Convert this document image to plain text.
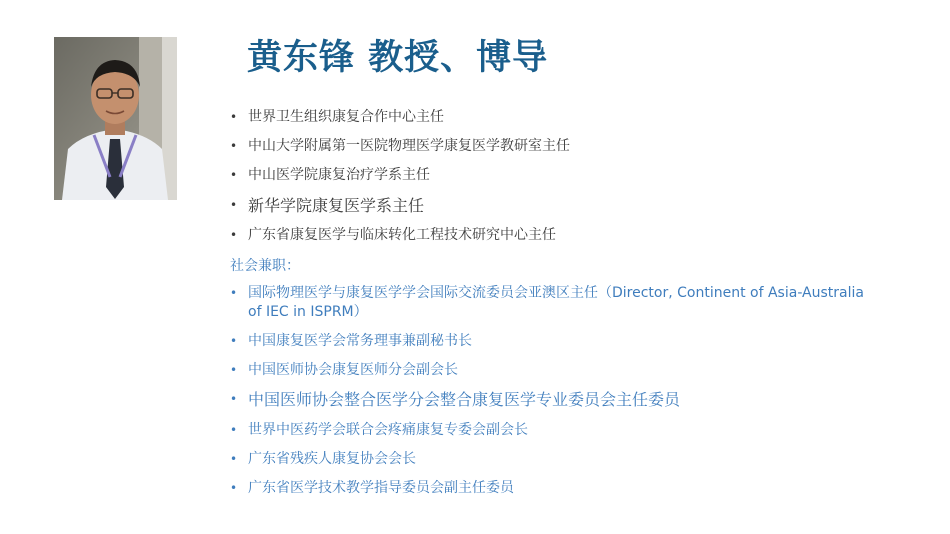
黄东锋 教授、博导
• 世界卫生组织康复合作中心主任
• 中山大学附属第一医院物理医学康复医学教研室主任
• 中山医学院康复治疗学系主任
• 新华学院康复医学系主任
• 广东省康复医学与临床转化工程技术研究中心主任
社会兼职：
• 国际物理医学与康复医学学会国际交流委员会亚澳区主任（Director, Continent of Asia-Australia of IEC in ISPRM）
• 中国康复医学会常务理事兼副秘书长
• 中国医师协会康复医师分会副会长
• 中国医师协会整合医学分会整合康复医学专业委员会主任委员
• 世界中医药学会联合会疼痛康复专委会副会长
• 广东省残疾人康复协会会长
• 广东省医学技术教学指导委员会副主任委员
